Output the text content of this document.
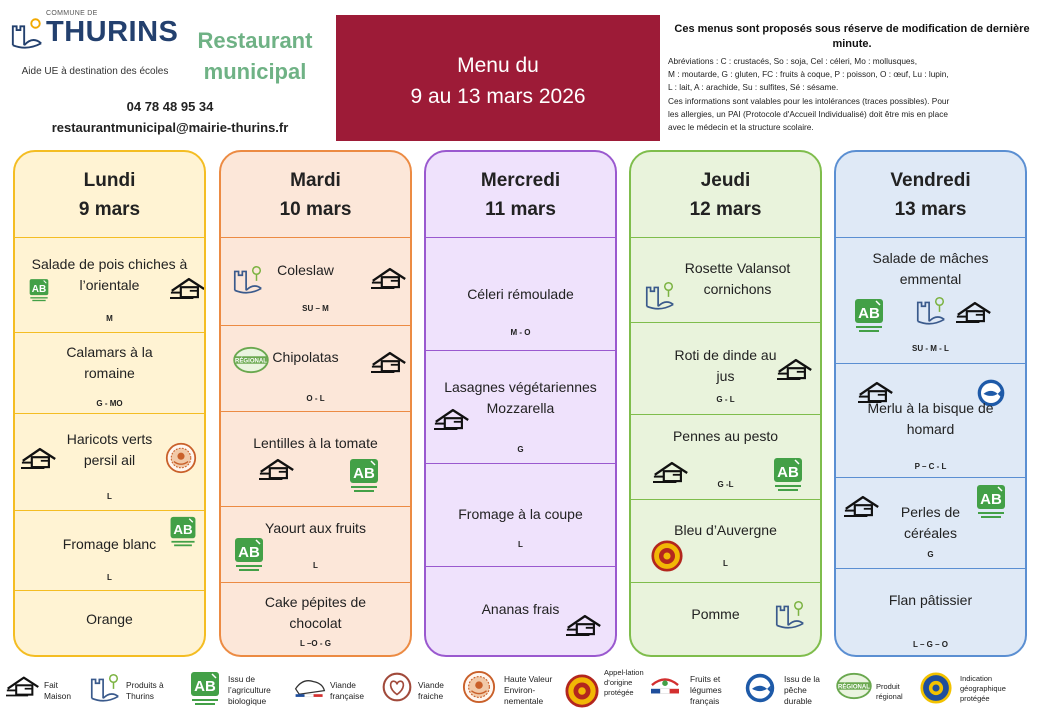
COMMUNE DE
THURINS
Aide UE à destination des écoles
Restaurant
municipal
04 78 48 95 34
restaurantmunicipal@mairie-thurins.fr
Menu du
9 au 13 mars 2026
Ces menus sont proposés sous réserve de modification de dernière minute.
Abréviations : C : crustacés, So : soja, Cel : céleri, Mo : mollusques,
M : moutarde, G : gluten, FC : fruits à coque, P : poisson, O : œuf, Lu : lupin,
L : lait, A : arachide, Su : sulfites, Sé : sésame.
Ces informations sont valables pour les intolérances (traces possibles). Pour
les allergies, un PAI (Protocole d'Accueil Individualisé) doit être mis en place
avec le médecin et la structure scolaire.
Lundi
9 mars
Salade de pois chiches à l’orientale
M
Calamars à la romaine
G - MO
Haricots verts persil ail
L
Fromage blanc
L
Orange
Mardi
10 mars
Coleslaw
SU – M
Chipolatas
O - L
Lentilles à la tomate
Yaourt aux fruits
L
Cake pépites de chocolat
L –O - G
Mercredi
11 mars
Céleri rémoulade
M - O
Lasagnes végétariennes Mozzarella
G
Fromage à la coupe
L
Ananas frais
Jeudi
12 mars
Rosette Valansot cornichons
Roti de dinde au jus
G - L
Pennes au pesto
G -L
Bleu d’Auvergne
L
Pomme
Vendredi
13 mars
Salade de mâches emmental
SU - M - L
Merlu à la bisque de homard
P – C - L
Perles de céréales
G
Flan pâtissier
L – G – O
Fait Maison
Produits à Thurins
Issu de l’agriculture biologique
Viande française
Viande fraiche
Haute Valeur Environ-nementale
Appel-lation d’origine protégée
Fruits et légumes français
Issu de la pêche durable
Produit régional
Indication géographique protégée
